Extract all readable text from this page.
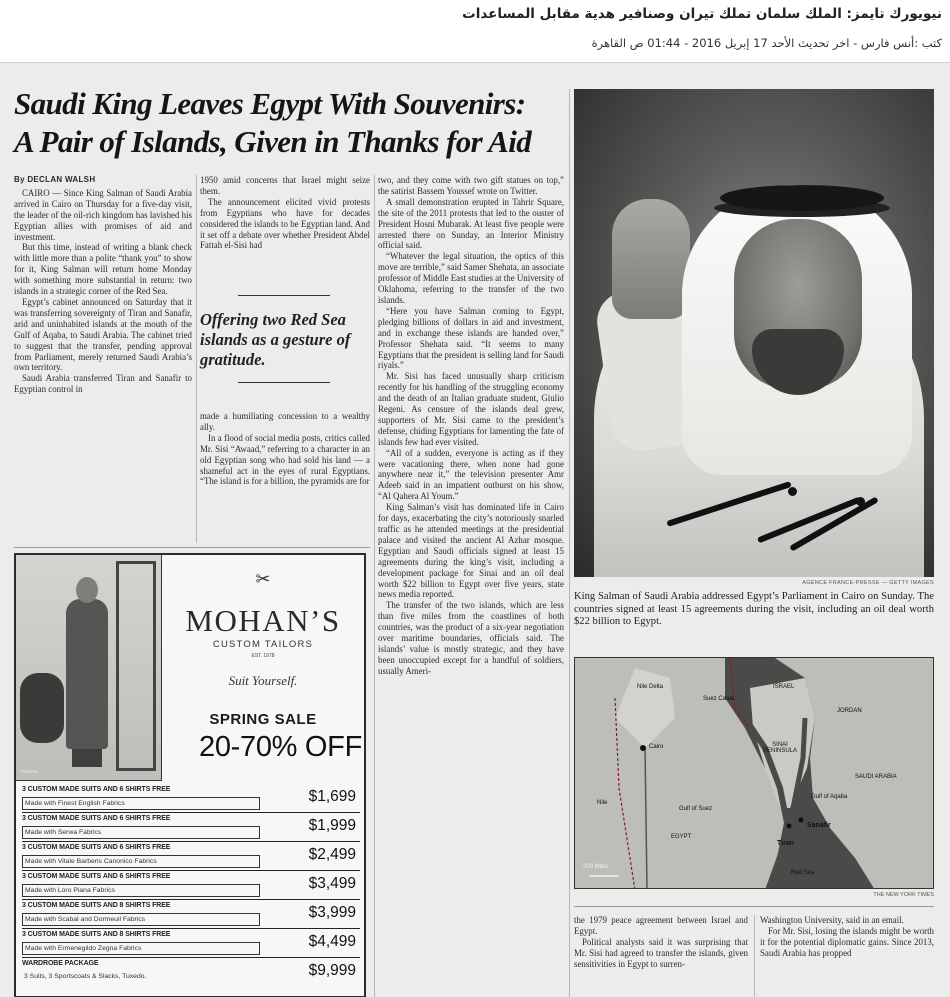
نيويورك تايمز: الملك سلمان تملك تيران وصنافير هدية مقابل المساعدات
كتب :أنس فارس - اخر تحديث الأحد 17 إبريل 2016 - 01:44 ص القاهرة
Saudi King Leaves Egypt With Souvenirs:
A Pair of Islands, Given in Thanks for Aid

By DECLAN WALSH

CAIRO — Since King Salman of Saudi Arabia arrived in Cairo on Thursday for a five-day visit, the leader of the oil-rich kingdom has lavished his Egyptian allies with promises of aid and investment.

But this time, instead of writing a blank check with little more than a polite “thank you” to show for it, King Salman will return home Monday with something more substantial in return: two islands in a strategic corner of the Red Sea.

Egypt’s cabinet announced on Saturday that it was transferring sovereignty of Tiran and Sanafir, arid and uninhabited islands at the mouth of the Gulf of Aqaba, to Saudi Arabia. The cabinet tried to suggest that the transfer, pending approval from Parliament, merely returned Saudi Arabia’s own territory.

Saudi Arabia transferred Tiran and Sanafir to Egyptian control in

1950 amid concerns that Israel might seize them.

The announcement elicited vivid protests from Egyptians who have for decades considered the islands to be Egyptian land. And it set off a debate over whether President Abdel Fattah el-Sisi had

Offering two Red Sea islands as a gesture of gratitude.

made a humiliating concession to a wealthy ally.

In a flood of social media posts, critics called Mr. Sisi “Awaad,” referring to a character in an old Egyptian song who had sold his land — a shameful act in the eyes of rural Egyptians. “The island is for a billion, the pyramids are for

two, and they come with two gift statues on top,” the satirist Bassem Youssef wrote on Twitter.

A small demonstration erupted in Tahrir Square, the site of the 2011 protests that led to the ouster of President Hosni Mubarak. At least five people were arrested there on Sunday, an Interior Ministry official said.

“Whatever the legal situation, the optics of this move are terrible,” said Samer Shehata, an associate professor of Middle East studies at the University of Oklahoma, referring to the transfer of the two islands.

“Here you have Salman coming to Egypt, pledging billions of dollars in aid and investment, and in exchange these islands are handed over,” Professor Shehata said. “It seems to many Egyptians that the president is selling land for Saudi riyals.”

Mr. Sisi has faced unusually sharp criticism recently for his handling of the struggling economy and the death of an Italian graduate student, Giulio Regeni. As censure of the islands deal grew, supporters of Mr. Sisi came to the president’s defense, chiding Egyptians for lamenting the fate of islands few had ever visited.

“All of a sudden, everyone is acting as if they were vacationing there, when none had gone anywhere near it,” the television presenter Amr Adeeb said in an impatient outburst on his show, “Al Qahera Al Youm.”

King Salman’s visit has dominated life in Cairo for days, exacerbating the city’s notoriously snarled traffic as he attended meetings at the presidential palace and visited the ancient Al Azhar mosque. Egyptian and Saudi officials signed at least 15 agreements during the king’s visit, including a development package for Sinai and an oil deal worth $22 billion to Egypt over five years, state news media reported.

The transfer of the two islands, which are less than five miles from the coastlines of both countries, was the product of a six-year negotiation over maritime boundaries, officials said. The islands’ value is mostly strategic, and they have been unoccupied except for a handful of soldiers, usually Ameri-

AGENCE FRANCE-PRESSE — GETTY IMAGES
King Salman of Saudi Arabia addressed Egypt’s Parliament in Cairo on Sunday. The countries signed at least 15 agreements during the visit, including an oil deal worth $22 billion to Egypt.
Nile Delta
Suez Canal
ISRAEL
JORDAN
Cairo	SINAI PENINSULA
SAUDI ARABIA
Nile
Gulf of Aqaba
Gulf of Suez
EGYPT
Sanafir
Tiran
Red Sea
200 Miles
THE NEW YORK TIMES

the 1979 peace agreement between Israel and Egypt.

Political analysts said it was surprising that Mr. Sisi had agreed to transfer the islands, given sensitivities in Egypt to surren-

Washington University, said in an email.

For Mr. Sisi, losing the islands might be worth it for the potential diplomatic gains. Since 2013, Saudi Arabia has propped

#ICAVAL
✂
MOHAN’S
CUSTOM TAILORS
EST. 1978
Suit Yourself.
SPRING SALE
20-70% OFF
3 CUSTOM MADE SUITS AND 6 SHIRTS FREE
Made with Finest English Fabrics	$1,699
3 CUSTOM MADE SUITS AND 6 SHIRTS FREE
Made with Serwa Fabrics	$1,999
3 CUSTOM MADE SUITS AND 6 SHIRTS FREE
Made with Vitale Barberis Canonico Fabrics	$2,499
3 CUSTOM MADE SUITS AND 6 SHIRTS FREE
Made with Loro Piana Fabrics	$3,499
3 CUSTOM MADE SUITS AND 8 SHIRTS FREE
Made with Scabal and Dormeuil Fabrics	$3,999
3 CUSTOM MADE SUITS AND 8 SHIRTS FREE
Made with Ermenegildo Zegna Fabrics	$4,499
WARDROBE PACKAGE
3 Suits, 3 Sportscoats & Slacks, Tuxedo,	$9,999
